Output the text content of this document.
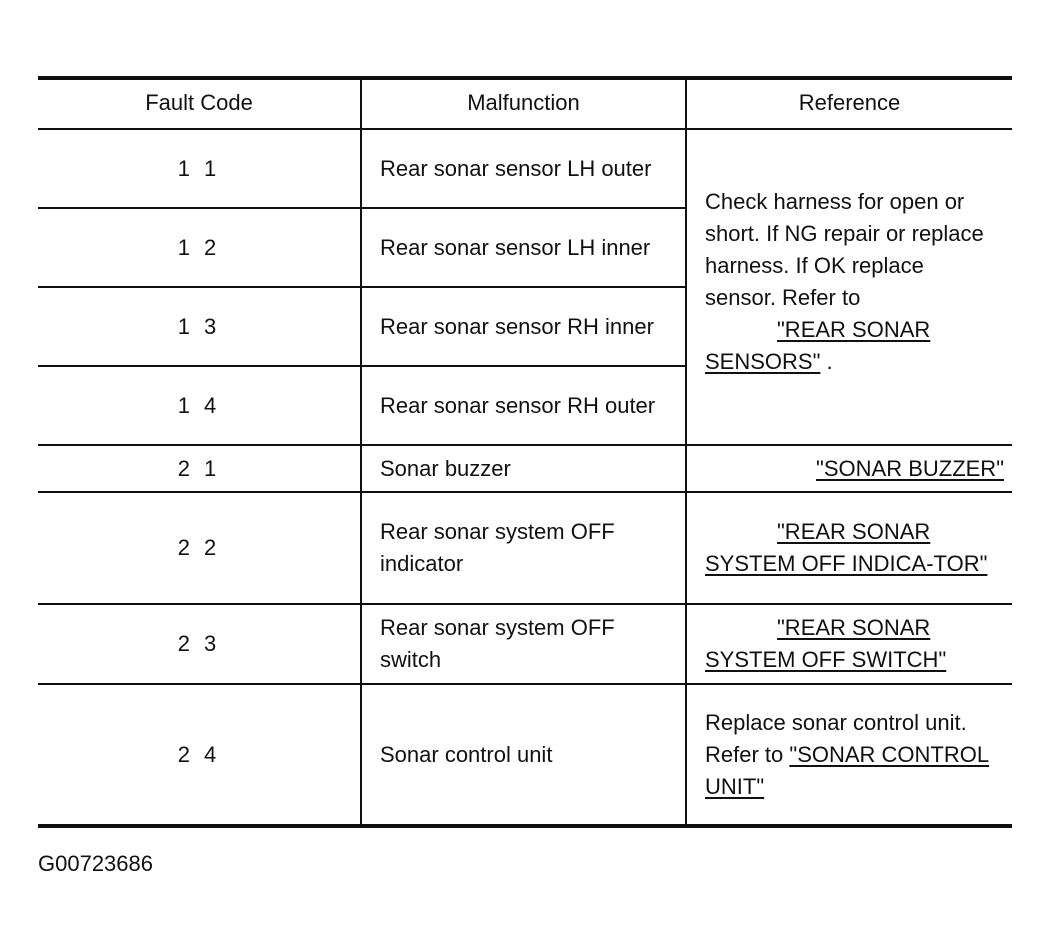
Fault Code	Malfunction	Reference
1 1	Rear sonar sensor LH outer	Check harness for open or short. If NG repair or replace harness. If OK replace sensor. Refer to
"REAR SONAR SENSORS" .
1 2	Rear sonar sensor LH inner	
1 3	Rear sonar sensor RH inner	
1 4	Rear sonar sensor RH outer	
2 1	Sonar buzzer	"SONAR BUZZER"
2 2	Rear sonar system OFF indicator	"REAR SONAR SYSTEM OFF INDICA-TOR"
2 3	Rear sonar system OFF switch	"REAR SONAR SYSTEM OFF SWITCH"
2 4	Sonar control unit	Replace sonar control unit. Refer to "SONAR CONTROL UNIT"
G00723686
